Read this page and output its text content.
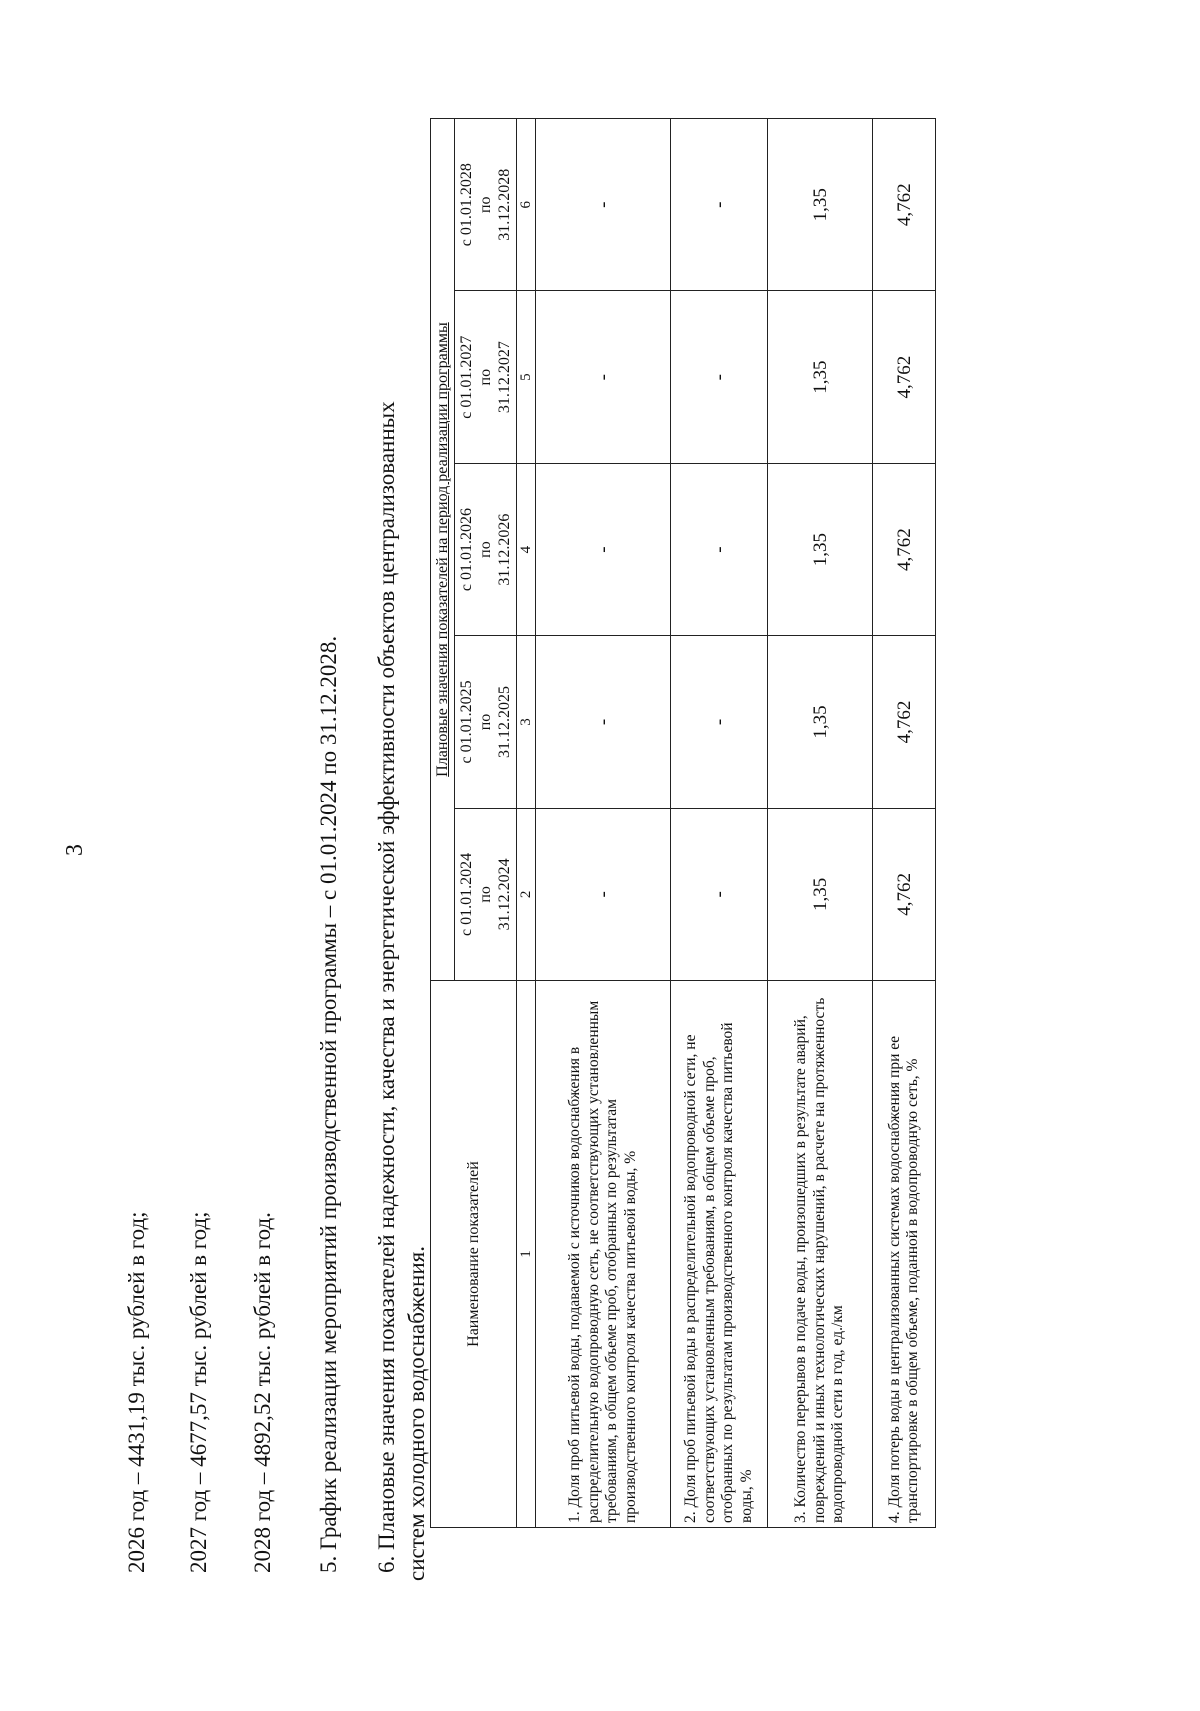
3
2026 год – 4431,19 тыс. рублей в год; 2027 год – 4677,57 тыс. рублей в год; 2028 год – 4892,52 тыс. рублей в год. 5. График реализации мероприятий производственной программы – с 01.01.2024 по 31.12.2028. 6. Плановые значения показателей надежности, качества и энергетической эффективности объектов централизованных систем холодного водоснабжения. Наименование показателей	Плановые значения показателей на период реализации программы				

	с 01.01.2024 по 31.12.2024	с 01.01.2025 по 31.12.2025	с 01.01.2026 по 31.12.2026	с 01.01.2027 по 31.12.2027	с 01.01.2028 по 31.12.2028

1	2	3	4	5	6
1. Доля проб питьевой воды, подаваемой с источников водоснабжения в распределительную водопроводную сеть, не соответствующих установленным требованиям, в общем объеме проб, отобранных по результатам производственного контроля качества питьевой воды, %	-	-	-	-	-
2. Доля проб питьевой воды в распределительной водопроводной сети, не соответствующих установленным требованиям, в общем объеме проб, отобранных по результатам производственного контроля качества питьевой воды, %	-	-	-	-	-
3. Количество перерывов в подаче воды, произошедших в результате аварий, повреждений и иных технологических нарушений, в расчете на протяженность водопроводной сети в год, ед./км	1,35	1,35	1,35	1,35	1,35
4. Доля потерь воды в централизованных системах водоснабжения при ее транспортировке в общем объеме, поданной в водопроводную сеть, %	4,762	4,762	4,762	4,762	4,762
